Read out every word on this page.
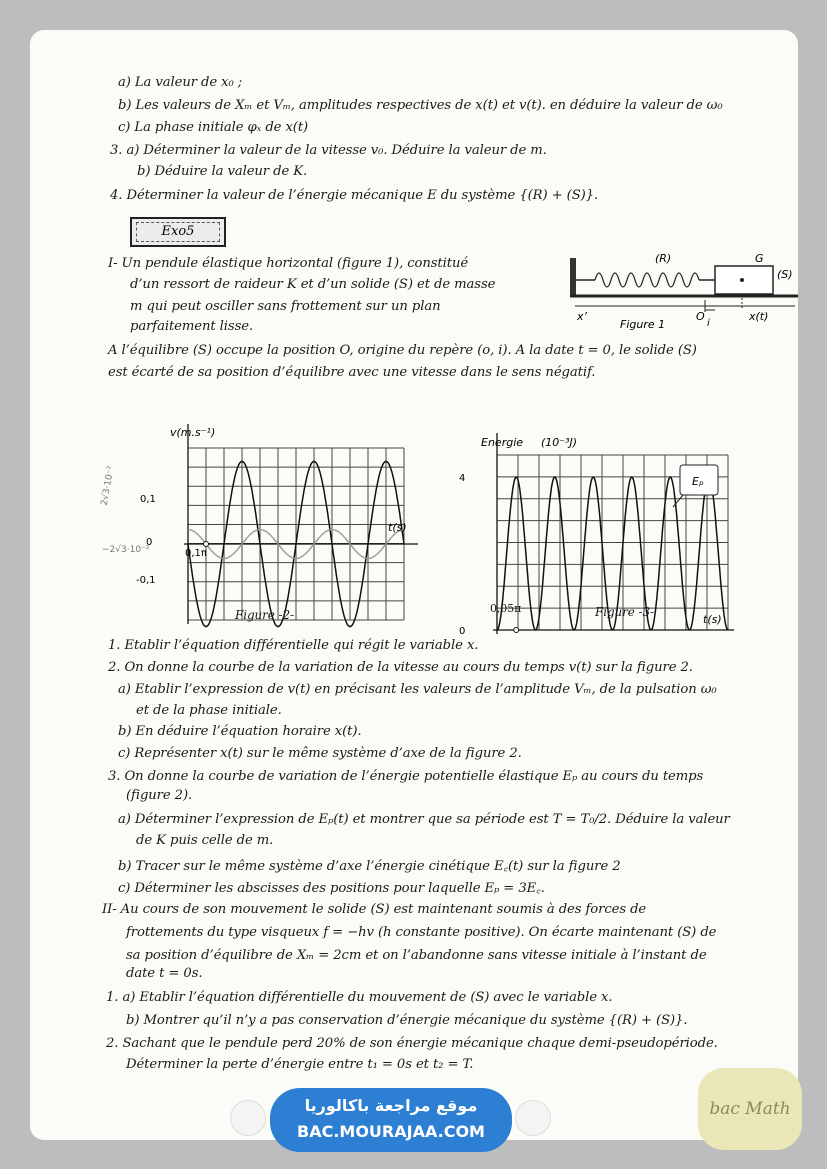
a) La valeur de x₀ ;
b) Les valeurs de Xₘ et Vₘ, amplitudes respectives de x(t) et v(t). en déduire la valeur de ω₀
c) La phase initiale φₓ de x(t)
3. a) Déterminer la valeur de la vitesse v₀. Déduire la valeur de m.
b) Déduire la valeur de K.
4. Déterminer la valeur de l’énergie mécanique E du système {(R) + (S)}.
Exo5
I- Un pendule élastique horizontal (figure 1), constitué
d’un ressort de raideur K et d’un solide (S) et de masse
m qui peut osciller sans frottement sur un plan
parfaitement lisse.
(R)	G
(S)
x’	O
i
x(t)
Figure 1
A l’équilibre (S) occupe la position O, origine du repère (o, i). A la date t = 0, le solide (S)
est écarté de sa position d’équilibre avec une vitesse dans le sens négatif.
v(m.s⁻¹)
t(s)
0,1
0
-0,1
0,1π
2√3·10⁻²
−2√3·10⁻²
Figure -2-
Energie (10⁻³J)
t(s)
4
0
Eₚ
0,05π	Figure -3-
1. Etablir l’équation différentielle qui régit le variable x.
2. On donne la courbe de la variation de la vitesse au cours du temps v(t) sur la figure 2.
a) Etablir l’expression de v(t) en précisant les valeurs de l’amplitude Vₘ, de la pulsation ω₀
et de la phase initiale.
b) En déduire l’équation horaire x(t).
c) Représenter x(t) sur le même système d’axe de la figure 2.
3. On donne la courbe de variation de l’énergie potentielle élastique Eₚ au cours du temps
(figure 2).
a) Déterminer l’expression de Eₚ(t) et montrer que sa période est T = T₀/2. Déduire la valeur
de K puis celle de m.
b) Tracer sur le même système d’axe l’énergie cinétique E꜀(t) sur la figure 2
c) Déterminer les abscisses des positions pour laquelle Eₚ = 3E꜀.
II- Au cours de son mouvement le solide (S) est maintenant soumis à des forces de
frottements du type visqueux f = −hv (h constante positive). On écarte maintenant (S) de
sa position d’équilibre de Xₘ = 2cm et on l’abandonne sans vitesse initiale à l’instant de
date t = 0s.
1. a) Etablir l’équation différentielle du mouvement de (S) avec le variable x.
b) Montrer qu’il n’y a pas conservation d’énergie mécanique du système {(R) + (S)}.
2. Sachant que le pendule perd 20% de son énergie mécanique chaque demi-pseudopériode.
Déterminer la perte d’énergie entre t₁ = 0s et t₂ = T.
موقع مراجعة باكالوريا
BAC.MOURAJAA.COM
bac Math
